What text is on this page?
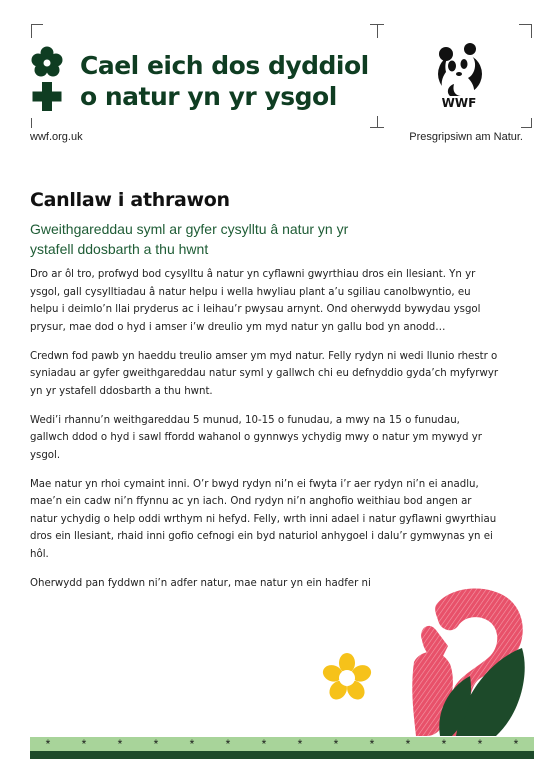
Cael eich dos dyddiol
o natur yn yr ysgol	WWF
wwf.org.uk	Presgripsiwn am Natur.
Canllaw i athrawon

Gweithgareddau syml ar gyfer cysylltu â natur yn yr ystafell ddosbarth a thu hwnt

Dro ar ôl tro, profwyd bod cysylltu â natur yn cyflawni gwyrthiau dros ein llesiant. Yn yr ysgol, gall cysylltiadau â natur helpu i wella hwyliau plant a’u sgiliau canolbwyntio, eu helpu i deimlo’n llai pryderus ac i leihau’r pwysau arnynt. Ond oherwydd bywydau ysgol prysur, mae dod o hyd i amser i’w dreulio ym myd natur yn gallu bod yn anodd…

Credwn fod pawb yn haeddu treulio amser ym myd natur. Felly rydyn ni wedi llunio rhestr o syniadau ar gyfer gweithgareddau natur syml y gallwch chi eu defnyddio gyda’ch myfyrwyr yn yr ystafell ddosbarth a thu hwnt.

Wedi’i rhannu’n weithgareddau 5 munud, 10-15 o funudau, a mwy na 15 o funudau, gallwch ddod o hyd i sawl ffordd wahanol o gynnwys ychydig mwy o natur ym mywyd yr ysgol.

Mae natur yn rhoi cymaint inni. O’r bwyd rydyn ni’n ei fwyta i’r aer rydyn ni’n ei anadlu, mae’n ein cadw ni’n ffynnu ac yn iach. Ond rydyn ni’n anghofio weithiau bod angen ar natur ychydig o help oddi wrthym ni hefyd. Felly, wrth inni adael i natur gyflawni gwyrthiau dros ein llesiant, rhaid inni gofio cefnogi ein byd naturiol anhygoel i dalu’r gymwynas yn ei hôl.

Oherwydd pan fyddwn ni’n adfer natur, mae natur yn ein hadfer ni

*	*	*	*	*	*	*	*	*	*	*	*	*	*
